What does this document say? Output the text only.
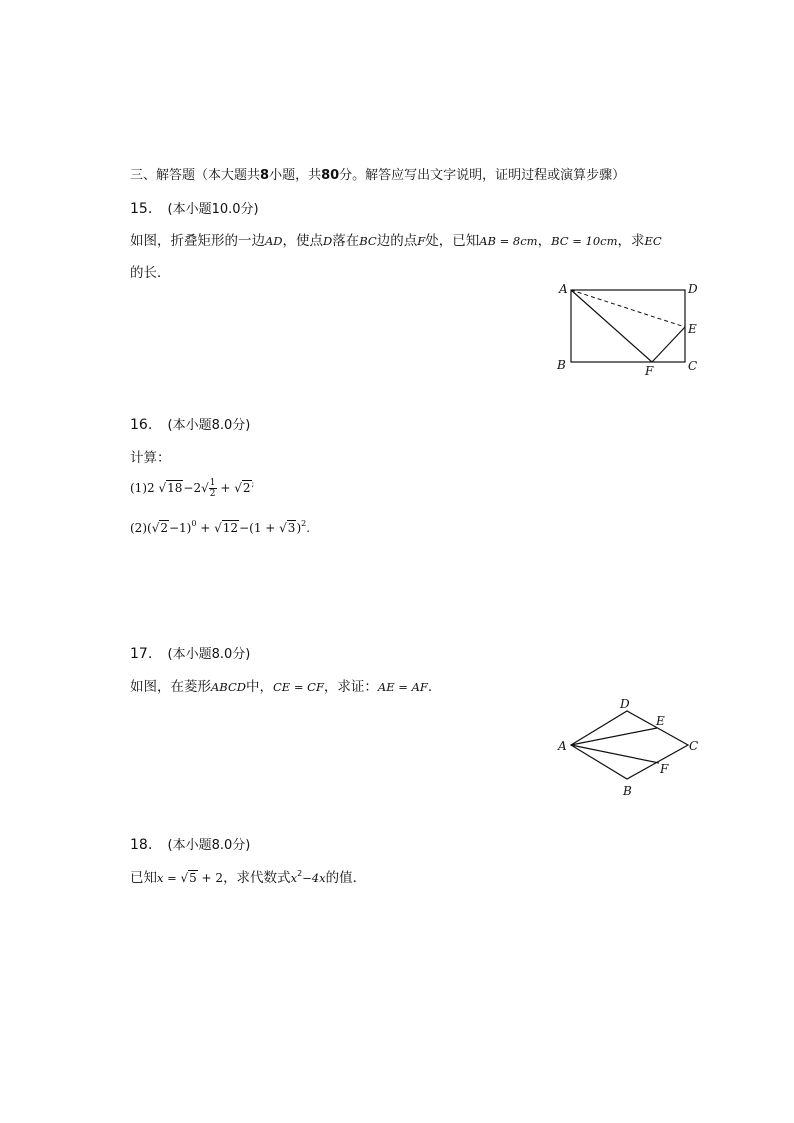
三、解答题（本大题共8小题，共80分。解答应写出文字说明，证明过程或演算步骤）
15. (本小题10.0分)
如图，折叠矩形的一边AD，使点D落在BC边的点F处，已知AB = 8cm，BC = 10cm，求EC
的长．
A	D
E
B	F	C
16. (本小题8.0分)
计算：
(1)2 $√18-2√ \frac{1}{2} + √2^;$
$(2)(√2-1)^0 + √12-(1 + √3)^2$.
17. (本小题8.0分)
如图，在菱形ABCD中，CE = CF，求证：AE = AF.
A
D
E
C
F
B
18. (本小题8.0分)
已知x = √5 + 2，求代数式$x^2-4x$的值．
